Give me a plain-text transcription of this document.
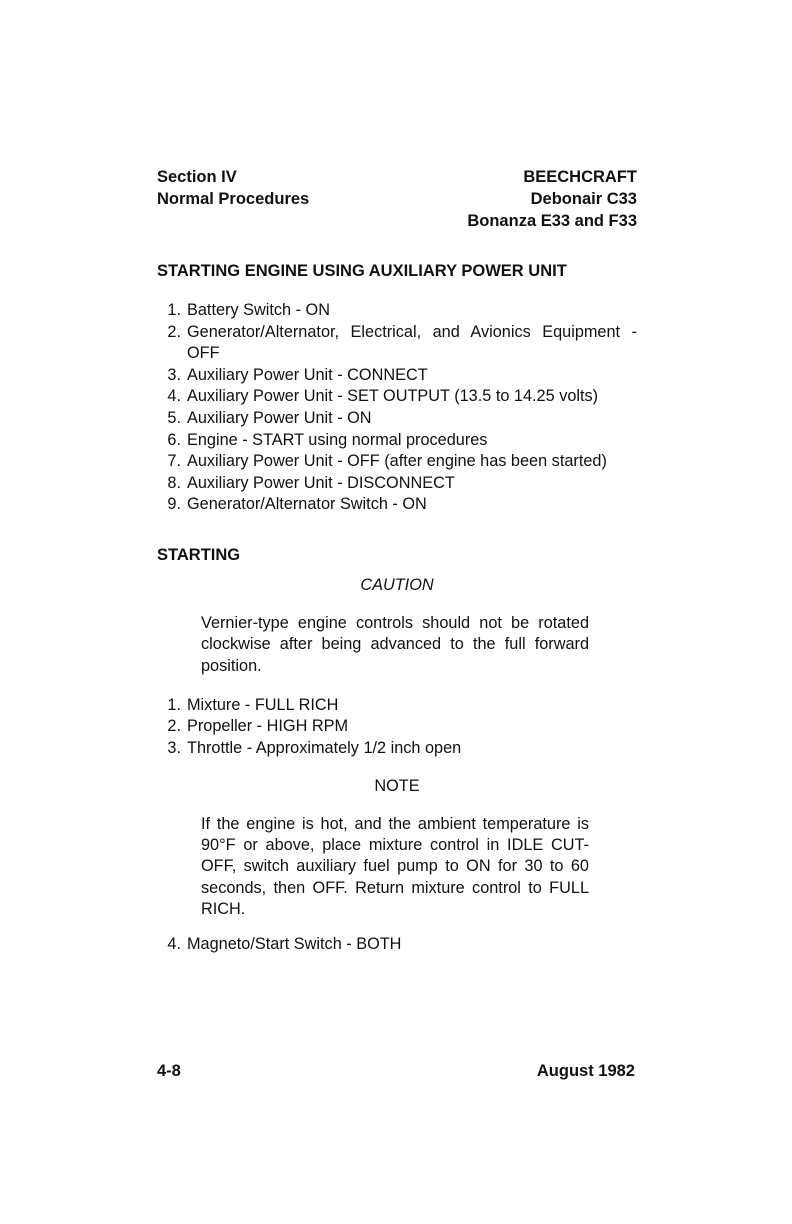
Section IV
Normal Procedures
BEECHCRAFT
Debonair C33
Bonanza E33 and F33
STARTING ENGINE USING AUXILIARY POWER UNIT
1. Battery Switch - ON
2. Generator/Alternator, Electrical, and Avionics Equipment - OFF
3. Auxiliary Power Unit - CONNECT
4. Auxiliary Power Unit - SET OUTPUT (13.5 to 14.25 volts)
5. Auxiliary Power Unit - ON
6. Engine - START using normal procedures
7. Auxiliary Power Unit - OFF (after engine has been started)
8. Auxiliary Power Unit - DISCONNECT
9. Generator/Alternator Switch - ON
STARTING
CAUTION
Vernier-type engine controls should not be rotated clockwise after being advanced to the full forward position.
1. Mixture - FULL RICH
2. Propeller - HIGH RPM
3. Throttle - Approximately 1/2 inch open
NOTE
If the engine is hot, and the ambient temperature is 90°F or above, place mixture control in IDLE CUT-OFF, switch auxiliary fuel pump to ON for 30 to 60 seconds, then OFF. Return mixture control to FULL RICH.
4. Magneto/Start Switch - BOTH
4-8	August 1982
